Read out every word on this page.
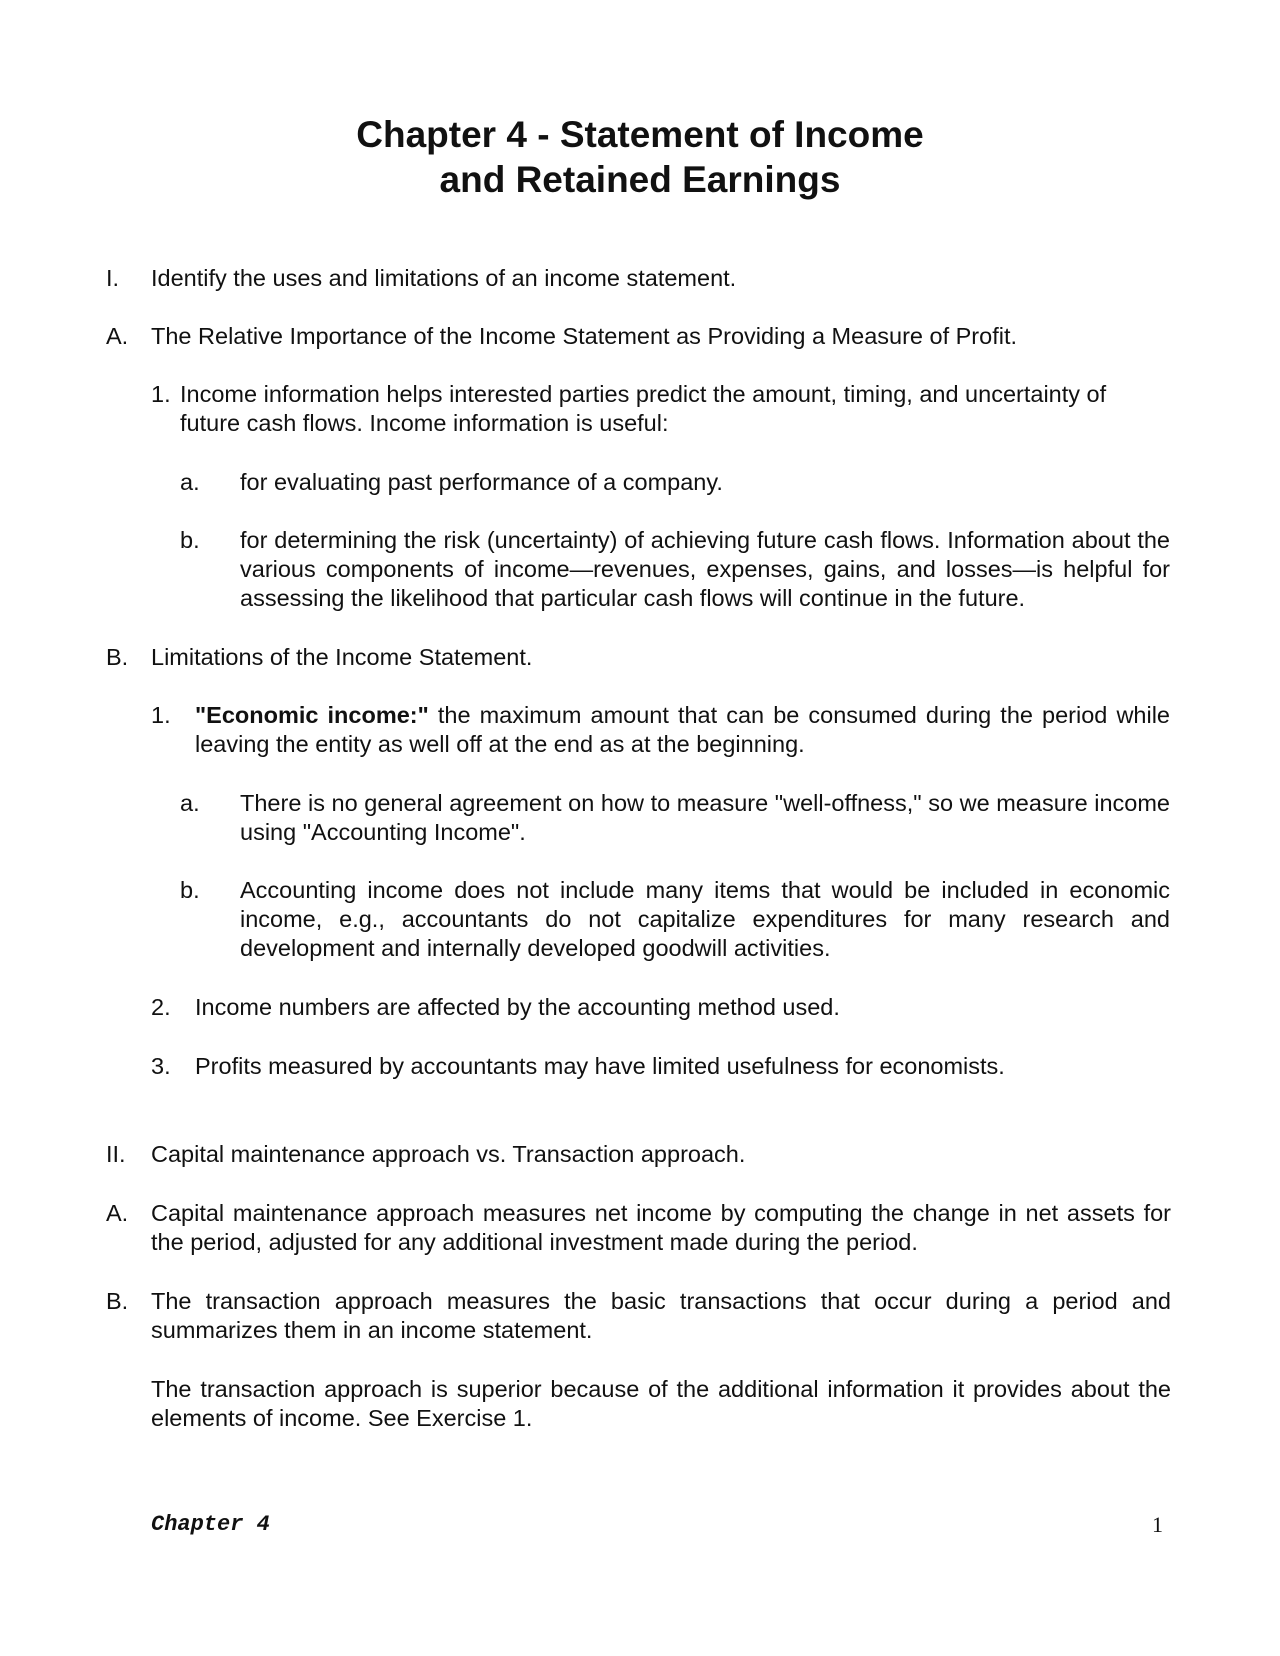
Chapter 4 - Statement of Income
and Retained Earnings
I. Identify the uses and limitations of an income statement.

A. The Relative Importance of the Income Statement as Providing a Measure of Profit.

1. Income information helps interested parties predict the amount, timing, and uncertainty of future cash flows. Income information is useful:

a. for evaluating past performance of a company.

b. for determining the risk (uncertainty) of achieving future cash flows. Information about the various components of income—revenues, expenses, gains, and losses—is helpful for assessing the likelihood that particular cash flows will continue in the future.

B. Limitations of the Income Statement.

1. "Economic income:" the maximum amount that can be consumed during the period while leaving the entity as well off at the end as at the beginning.

a. There is no general agreement on how to measure "well-offness," so we measure income using "Accounting Income".

b. Accounting income does not include many items that would be included in economic income, e.g., accountants do not capitalize expenditures for many research and development and internally developed goodwill activities.

2. Income numbers are affected by the accounting method used.

3. Profits measured by accountants may have limited usefulness for economists.

II. Capital maintenance approach vs. Transaction approach.

A. Capital maintenance approach measures net income by computing the change in net assets for the period, adjusted for any additional investment made during the period.

B. The transaction approach measures the basic transactions that occur during a period and summarizes them in an income statement.

The transaction approach is superior because of the additional information it provides about the elements of income. See Exercise 1.

Chapter 4	1
